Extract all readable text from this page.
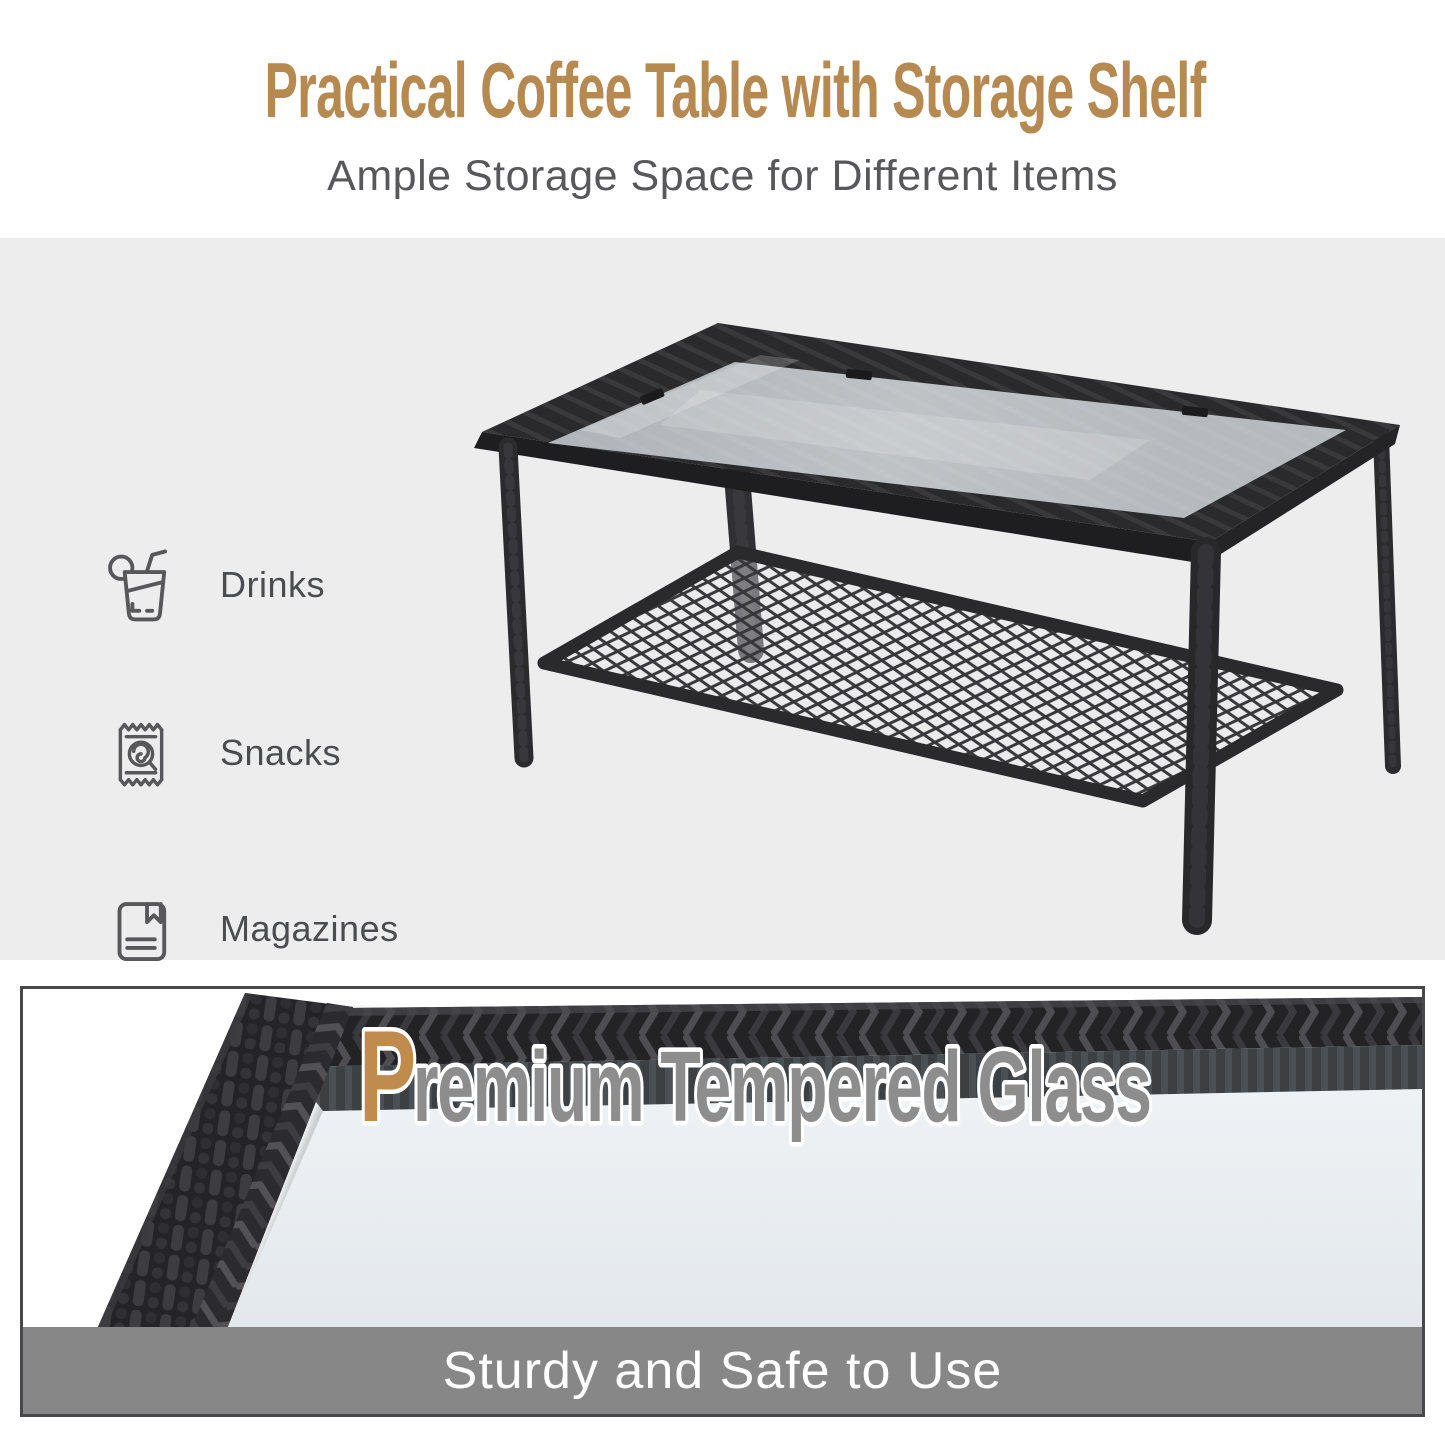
Practical Coffee Table with Storage Shelf

Ample Storage Space for Different Items

Drinks
Snacks
Magazines
Premium Tempered Glass
Sturdy and Safe to Use
